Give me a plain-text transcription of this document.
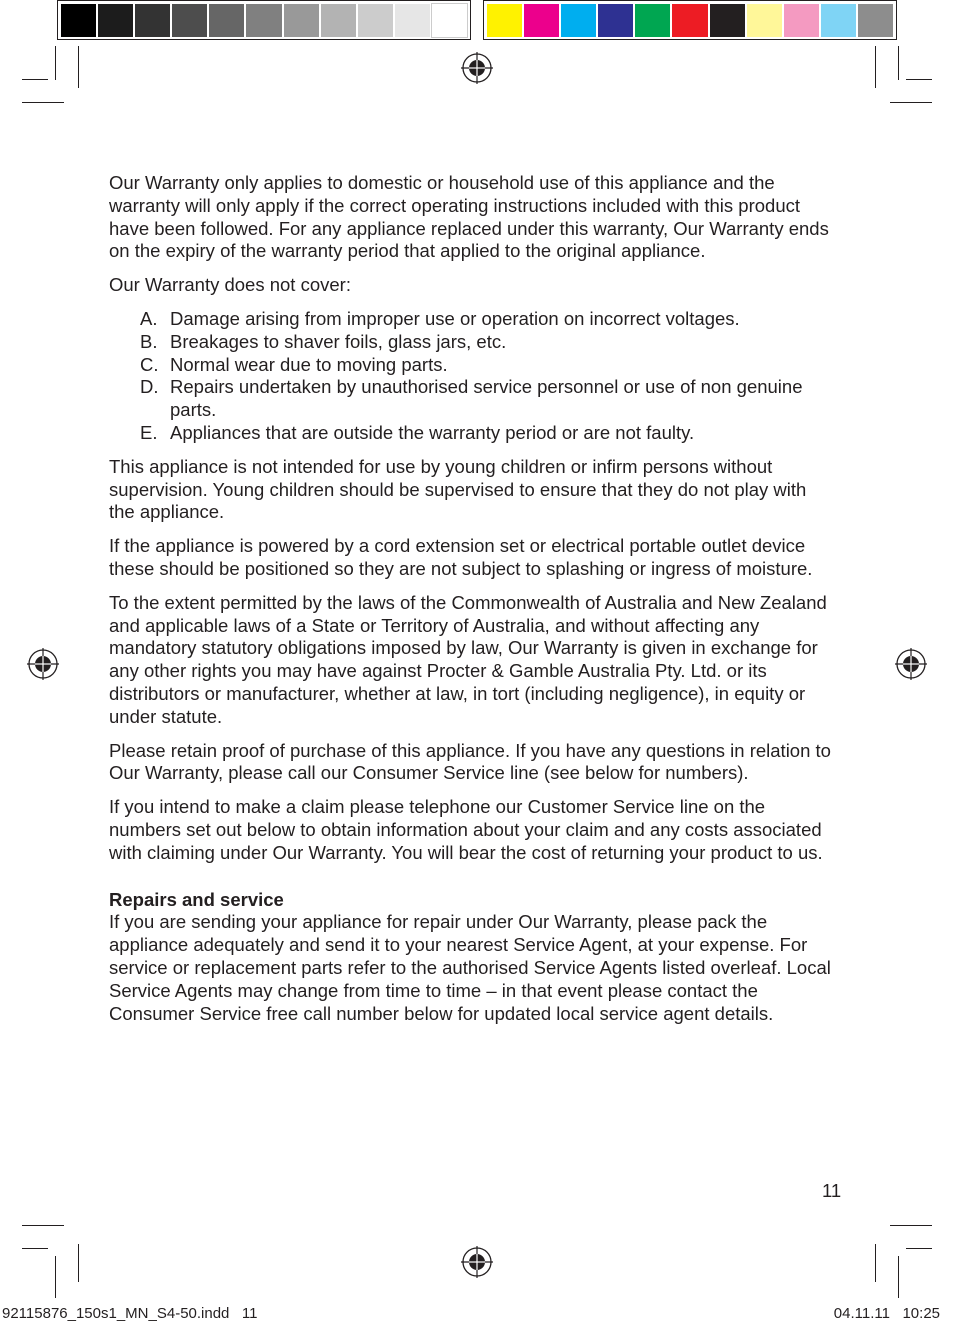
Our Warranty only applies to domestic or household use of this appliance and the warranty will only apply if the correct operating instructions included with this product have been followed. For any appliance replaced under this warranty, Our Warranty ends on the expiry of the warranty period that applied to the original appliance.

Our Warranty does not cover:

A. Damage arising from improper use or operation on incorrect voltages.
B. Breakages to shaver foils, glass jars, etc.
C. Normal wear due to moving parts.
D. Repairs undertaken by unauthorised service personnel or use of non genuine parts.
E. Appliances that are outside the warranty period or are not faulty.

This appliance is not intended for use by young children or infirm persons without supervision. Young children should be supervised to ensure that they do not play with the appliance.

If the appliance is powered by a cord extension set or electrical portable outlet device these should be positioned so they are not subject to splashing or ingress of moisture.

To the extent permitted by the laws of the Commonwealth of Australia and New Zealand and applicable laws of a State or Territory of Australia, and without affecting any mandatory statutory obligations imposed by law, Our Warranty is given in exchange for any other rights you may have against Procter & Gamble Australia Pty. Ltd. or its distributors or manufacturer, whether at law, in tort (including negligence), in equity or under statute.

Please retain proof of purchase of this appliance. If you have any questions in relation to Our Warranty, please call our Consumer Service line (see below for numbers).

If you intend to make a claim please telephone our Customer Service line on the numbers set out below to obtain information about your claim and any costs associated with claiming under Our Warranty. You will bear the cost of returning your product to us.

Repairs and service

If you are sending your appliance for repair under Our Warranty, please pack the appliance adequately and send it to your nearest Service Agent, at your expense. For service or replacement parts refer to the authorised Service Agents listed overleaf. Local Service Agents may change from time to time – in that event please contact the Consumer Service free call number below for updated local service agent details.

11
92115876_150s1_MN_S4-50.indd   11	04.11.11   10:25
